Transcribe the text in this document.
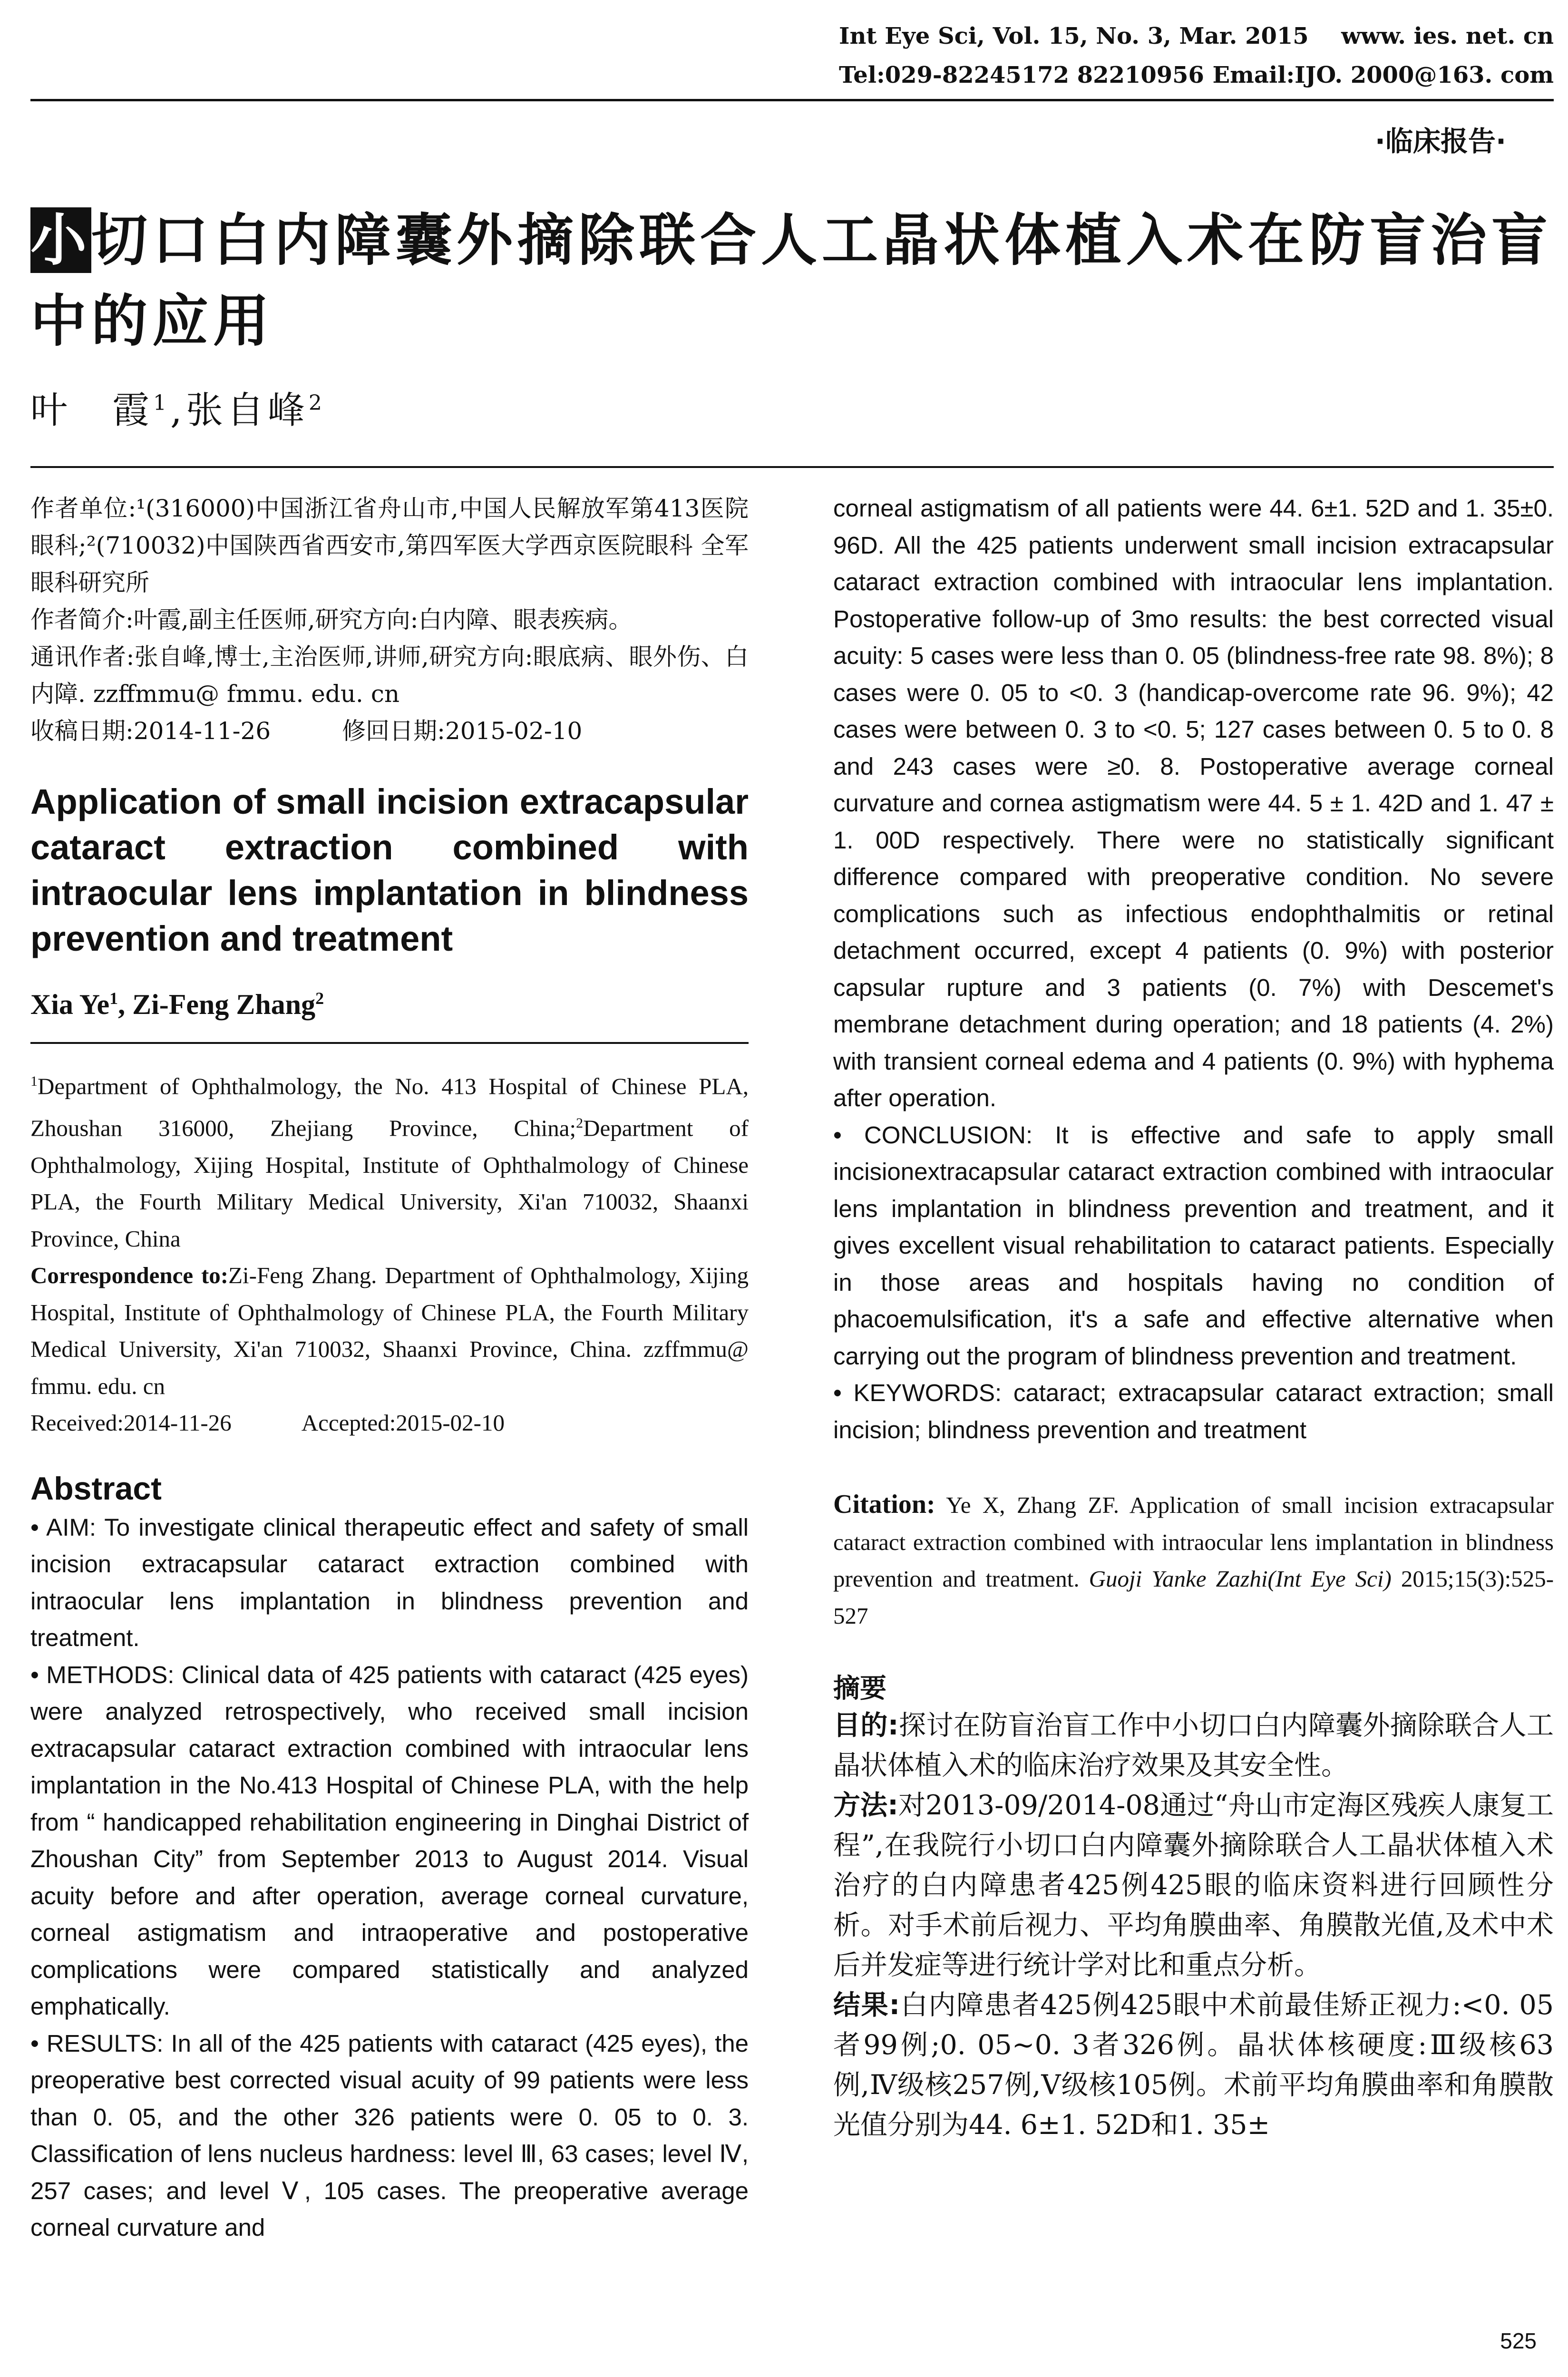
Int Eye Sci, Vol. 15, No. 3, Mar. 2015 www. ies. net. cn
Tel:029-82245172 82210956 Email:IJO. 2000@163. com
·临床报告·
小切口白内障囊外摘除联合人工晶状体植入术在防盲治盲中的应用
叶　霞$^1$,张自峰$^2$

作者单位:¹(316000)中国浙江省舟山市,中国人民解放军第413医院眼科;²(710032)中国陕西省西安市,第四军医大学西京医院眼科 全军眼科研究所

作者简介:叶霞,副主任医师,研究方向:白内障、眼表疾病。

通讯作者:张自峰,博士,主治医师,讲师,研究方向:眼底病、眼外伤、白内障. zzffmmu@ fmmu. edu. cn

收稿日期:2014-11-26　　　修回日期:2015-02-10

Application of small incision extracapsular cataract extraction combined with intraocular lens implantation in blindness prevention and treatment
Xia Ye$^1$, Zi-Feng Zhang$^2$

$^1$Department of Ophthalmology, the No. 413 Hospital of Chinese PLA, Zhoushan 316000, Zhejiang Province, China;$^2$Department of Ophthalmology, Xijing Hospital, Institute of Ophthalmology of Chinese PLA, the Fourth Military Medical University, Xi'an 710032, Shaanxi Province, China

Correspondence to:Zi-Feng Zhang. Department of Ophthalmology, Xijing Hospital, Institute of Ophthalmology of Chinese PLA, the Fourth Military Medical University, Xi'an 710032, Shaanxi Province, China. zzffmmu@ fmmu. edu. cn

Received:2014-11-26　　　Accepted:2015-02-10

Abstract

• AIM: To investigate clinical therapeutic effect and safety of small incision extracapsular cataract extraction combined with intraocular lens implantation in blindness prevention and treatment.

• METHODS: Clinical data of 425 patients with cataract (425 eyes) were analyzed retrospectively, who received small incision extracapsular cataract extraction combined with intraocular lens implantation in the No.413 Hospital of Chinese PLA, with the help from “ handicapped rehabilitation engineering in Dinghai District of Zhoushan City” from September 2013 to August 2014. Visual acuity before and after operation, average corneal curvature, corneal astigmatism and intraoperative and postoperative complications were compared statistically and analyzed emphatically.

• RESULTS: In all of the 425 patients with cataract (425 eyes), the preoperative best corrected visual acuity of 99 patients were less than 0. 05, and the other 326 patients were 0. 05 to 0. 3. Classification of lens nucleus hardness: level Ⅲ, 63 cases; level Ⅳ, 257 cases; and level Ⅴ, 105 cases. The preoperative average corneal curvature and

corneal astigmatism of all patients were 44. 6±1. 52D and 1. 35±0. 96D. All the 425 patients underwent small incision extracapsular cataract extraction combined with intraocular lens implantation. Postoperative follow-up of 3mo results: the best corrected visual acuity: 5 cases were less than 0. 05 (blindness-free rate 98. 8%); 8 cases were 0. 05 to <0. 3 (handicap-overcome rate 96. 9%); 42 cases were between 0. 3 to <0. 5; 127 cases between 0. 5 to 0. 8 and 243 cases were ≥0. 8. Postoperative average corneal curvature and cornea astigmatism were 44. 5 ± 1. 42D and 1. 47 ± 1. 00D respectively. There were no statistically significant difference compared with preoperative condition. No severe complications such as infectious endophthalmitis or retinal detachment occurred, except 4 patients (0. 9%) with posterior capsular rupture and 3 patients (0. 7%) with Descemet's membrane detachment during operation; and 18 patients (4. 2%) with transient corneal edema and 4 patients (0. 9%) with hyphema after operation.

• CONCLUSION: It is effective and safe to apply small incisionextracapsular cataract extraction combined with intraocular lens implantation in blindness prevention and treatment, and it gives excellent visual rehabilitation to cataract patients. Especially in those areas and hospitals having no condition of phacoemulsification, it's a safe and effective alternative when carrying out the program of blindness prevention and treatment.

• KEYWORDS: cataract; extracapsular cataract extraction; small incision; blindness prevention and treatment

Citation: Ye X, Zhang ZF. Application of small incision extracapsular cataract extraction combined with intraocular lens implantation in blindness prevention and treatment. Guoji Yanke Zazhi(Int Eye Sci) 2015;15(3):525-527
摘要

目的:探讨在防盲治盲工作中小切口白内障囊外摘除联合人工晶状体植入术的临床治疗效果及其安全性。

方法:对2013-09/2014-08通过“舟山市定海区残疾人康复工程”,在我院行小切口白内障囊外摘除联合人工晶状体植入术治疗的白内障患者425例425眼的临床资料进行回顾性分析。对手术前后视力、平均角膜曲率、角膜散光值,及术中术后并发症等进行统计学对比和重点分析。

结果:白内障患者425例425眼中术前最佳矫正视力:<0. 05者99例;0. 05~0. 3者326例。晶状体核硬度:Ⅲ级核63例,Ⅳ级核257例,Ⅴ级核105例。术前平均角膜曲率和角膜散光值分别为44. 6±1. 52D和1. 35±

525
